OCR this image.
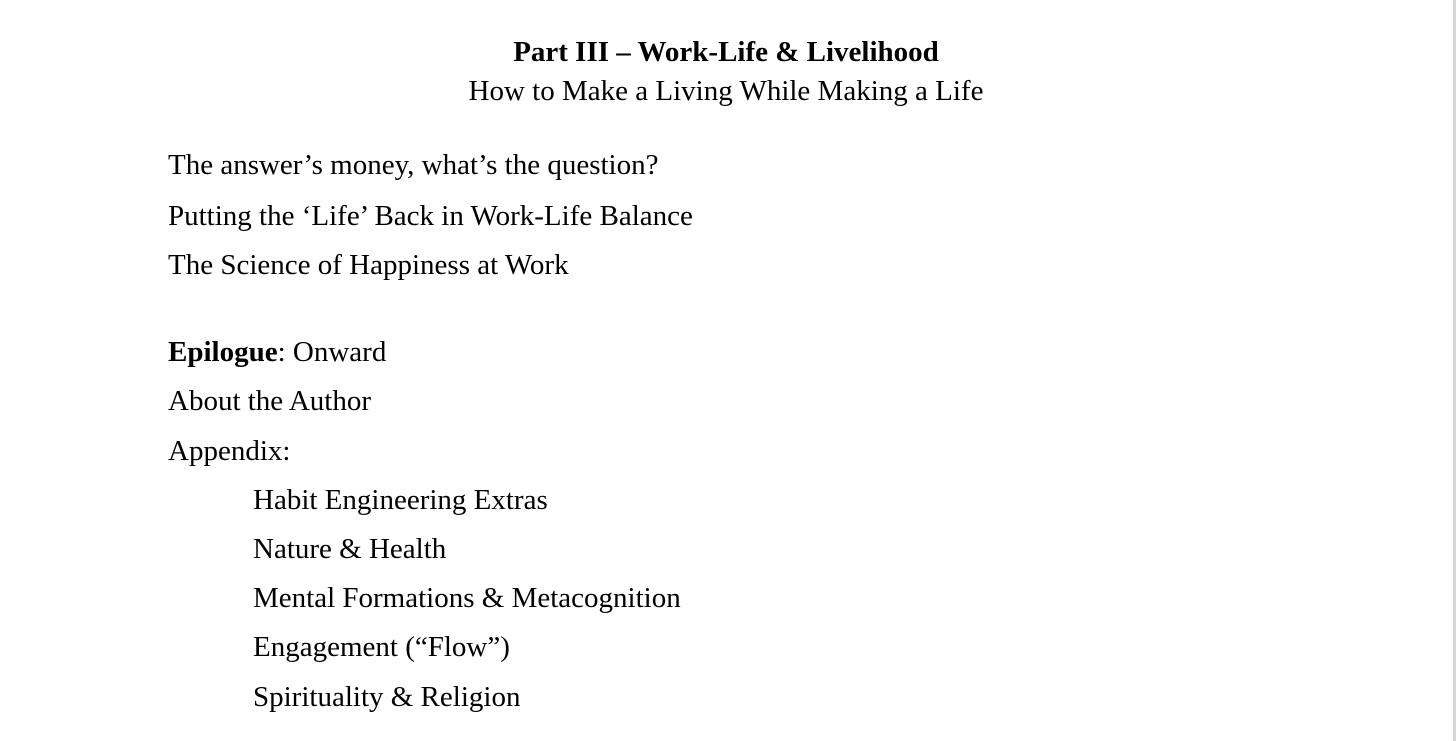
Part III – Work-Life & Livelihood
How to Make a Living While Making a Life
The answer’s money, what’s the question?
Putting the ‘Life’ Back in Work-Life Balance
The Science of Happiness at Work
Epilogue: Onward
About the Author
Appendix:
Habit Engineering Extras
Nature & Health
Mental Formations & Metacognition
Engagement (“Flow”)
Spirituality & Religion
